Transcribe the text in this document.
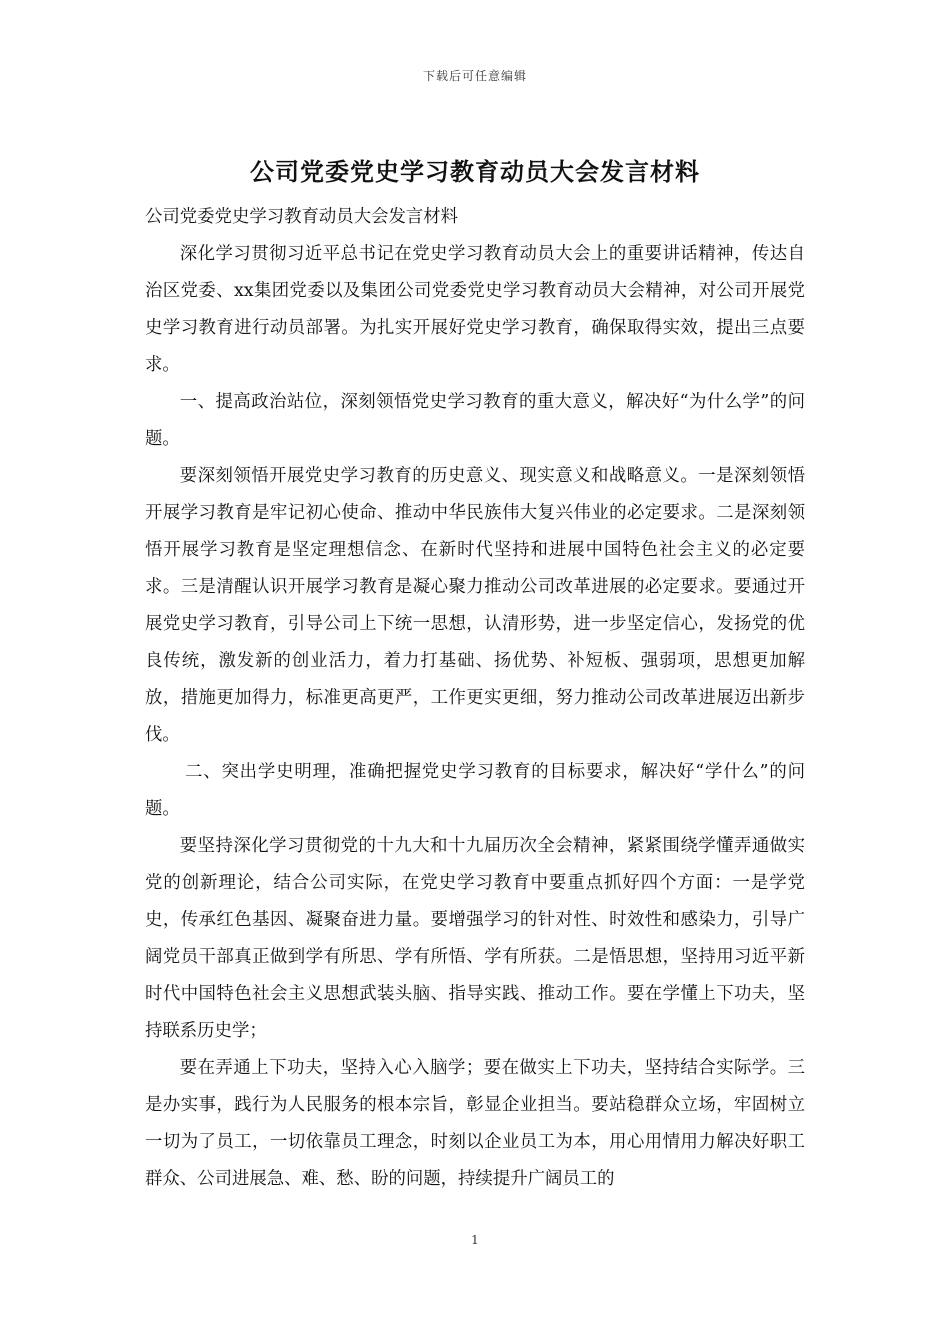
下载后可任意编辑
公司党委党史学习教育动员大会发言材料

公司党委党史学习教育动员大会发言材料

深化学习贯彻习近平总书记在党史学习教育动员大会上的重要讲话精神，传达自治区党委、xx集团党委以及集团公司党委党史学习教育动员大会精神，对公司开展党史学习教育进行动员部署。为扎实开展好党史学习教育，确保取得实效，提出三点要求。

一、提高政治站位，深刻领悟党史学习教育的重大意义，解决好“为什么学”的问题。

要深刻领悟开展党史学习教育的历史意义、现实意义和战略意义。一是深刻领悟开展学习教育是牢记初心使命、推动中华民族伟大复兴伟业的必定要求。二是深刻领悟开展学习教育是坚定理想信念、在新时代坚持和进展中国特色社会主义的必定要求。三是清醒认识开展学习教育是凝心聚力推动公司改革进展的必定要求。要通过开展党史学习教育，引导公司上下统一思想，认清形势，进一步坚定信心，发扬党的优良传统，激发新的创业活力，着力打基础、扬优势、补短板、强弱项，思想更加解放，措施更加得力，标准更高更严，工作更实更细，努力推动公司改革进展迈出新步伐。

二、突出学史明理，准确把握党史学习教育的目标要求，解决好“学什么”的问题。

要坚持深化学习贯彻党的十九大和十九届历次全会精神，紧紧围绕学懂弄通做实党的创新理论，结合公司实际，在党史学习教育中要重点抓好四个方面：一是学党史，传承红色基因、凝聚奋进力量。要增强学习的针对性、时效性和感染力，引导广阔党员干部真正做到学有所思、学有所悟、学有所获。二是悟思想，坚持用习近平新时代中国特色社会主义思想武装头脑、指导实践、推动工作。要在学懂上下功夫，坚持联系历史学；

要在弄通上下功夫，坚持入心入脑学；要在做实上下功夫，坚持结合实际学。三是办实事，践行为人民服务的根本宗旨，彰显企业担当。要站稳群众立场，牢固树立一切为了员工，一切依靠员工理念，时刻以企业员工为本，用心用情用力解决好职工群众、公司进展急、难、愁、盼的问题，持续提升广阔员工的

1
